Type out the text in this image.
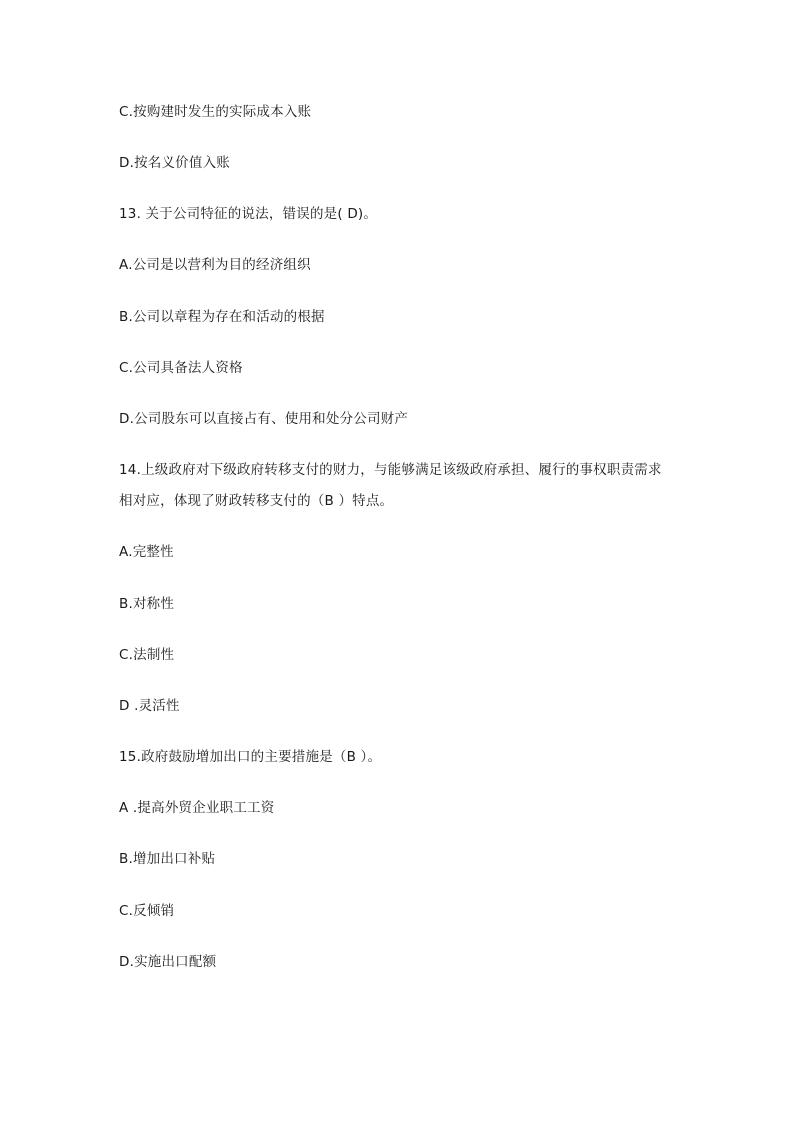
C.按购建时发生的实际成本入账
D.按名义价值入账
13. 关于公司特征的说法，错误的是( D)。
A.公司是以营利为目的经济组织
B.公司以章程为存在和活动的根据
C.公司具备法人资格
D.公司股东可以直接占有、使用和处分公司财产
14.上级政府对下级政府转移支付的财力，与能够满足该级政府承担、履行的事权职责需求
相对应，体现了财政转移支付的（B ）特点。
A.完整性
B.对称性
C.法制性
D .灵活性
15.政府鼓励增加出口的主要措施是（B ）。
A .提高外贸企业职工工资
B.增加出口补贴
C.反倾销
D.实施出口配额
